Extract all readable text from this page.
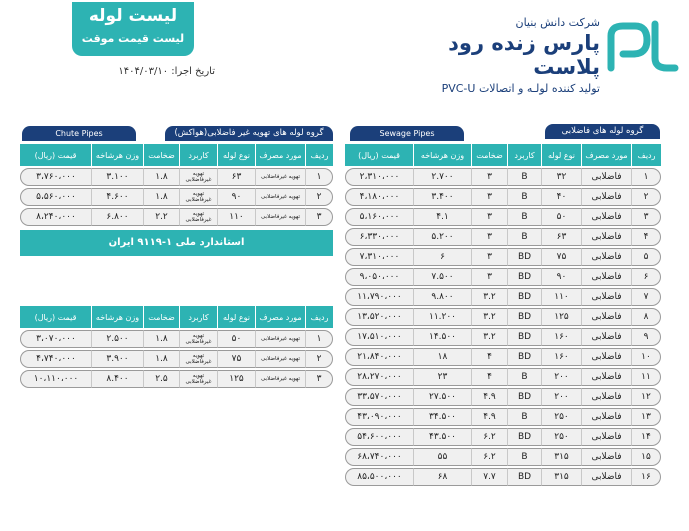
لیست لوله
لیست قیمت موقت
تاریخ اجرا: ۱۴۰۴/۰۳/۱۰
شرکت دانش بنیان
پارس زنده رود پلاست
تولید کننده لولـه و اتصالات PVC-U
گروه لوله های فاضلابی
Sewage Pipes
ردیف	مورد مصرف	نوع لوله	کاربرد	ضخامت	وزن هرشاخه	قیمت (ریال)
۱	فاضلابی	۳۲	B	۳	۲.۷۰۰	۲،۳۱۰،۰۰۰
۲	فاضلابی	۴۰	B	۳	۳.۴۰۰	۴،۱۸۰،۰۰۰
۳	فاضلابی	۵۰	B	۳	۴.۱	۵،۱۶۰،۰۰۰
۴	فاضلابی	۶۳	B	۳	۵.۲۰۰	۶،۳۳۰،۰۰۰
۵	فاضلابی	۷۵	BD	۳	۶	۷،۳۱۰،۰۰۰
۶	فاضلابی	۹۰	BD	۳	۷.۵۰۰	۹،۰۵۰،۰۰۰
۷	فاضلابی	۱۱۰	BD	۳.۲	۹.۸۰۰	۱۱،۷۹۰،۰۰۰
۸	فاضلابی	۱۲۵	BD	۳.۲	۱۱.۲۰۰	۱۳،۵۲۰،۰۰۰
۹	فاضلابی	۱۶۰	BD	۳.۲	۱۴.۵۰۰	۱۷،۵۱۰،۰۰۰
۱۰	فاضلابی	۱۶۰	BD	۴	۱۸	۲۱،۸۴۰،۰۰۰
۱۱	فاضلابی	۲۰۰	B	۴	۲۳	۲۸،۲۷۰،۰۰۰
۱۲	فاضلابی	۲۰۰	BD	۴.۹	۲۷.۵۰۰	۳۳،۵۷۰،۰۰۰
۱۳	فاضلابی	۲۵۰	B	۴.۹	۳۴.۵۰۰	۴۳،۰۹۰،۰۰۰
۱۴	فاضلابی	۲۵۰	BD	۶.۲	۴۳.۵۰۰	۵۴،۶۰۰،۰۰۰
۱۵	فاضلابی	۳۱۵	B	۶.۲	۵۵	۶۸،۷۴۰،۰۰۰
۱۶	فاضلابی	۳۱۵	BD	۷.۷	۶۸	۸۵،۵۰۰،۰۰۰
گروه لوله های تهویه غیر فاضلابی(هواکش)
Chute Pipes
ردیف	مورد مصرف	نوع لوله	کاربرد	ضخامت	وزن هرشاخه	قیمت (ریال)
۱	تهویه غیرفاضلابی	۶۳	تهویه غیرفاضلابی	۱.۸	۳.۱۰۰	۳،۷۶۰،۰۰۰
۲	تهویه غیرفاضلابی	۹۰	تهویه غیرفاضلابی	۱.۸	۴.۶۰۰	۵،۵۶۰،۰۰۰
۳	تهویه غیرفاضلابی	۱۱۰	تهویه غیرفاضلابی	۲.۲	۶.۸۰۰	۸،۲۴۰،۰۰۰
استاندارد ملی ۱-۹۱۱۹ ایران
ردیف	مورد مصرف	نوع لوله	کاربرد	ضخامت	وزن هرشاخه	قیمت (ریال)
۱	تهویه غیرفاضلابی	۵۰	تهویه غیرفاضلابی	۱.۸	۲.۵۰۰	۳،۰۷۰،۰۰۰
۲	تهویه غیرفاضلابی	۷۵	تهویه غیرفاضلابی	۱.۸	۳.۹۰۰	۴،۷۴۰،۰۰۰
۳	تهویه غیرفاضلابی	۱۲۵	تهویه غیرفاضلابی	۲.۵	۸.۴۰۰	۱۰،۱۱۰،۰۰۰
